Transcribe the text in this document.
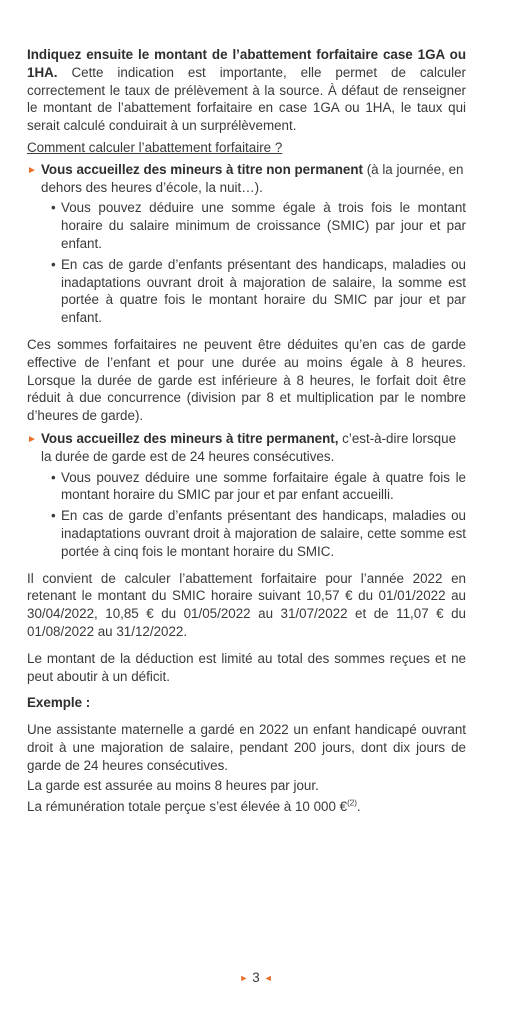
Indiquez ensuite le montant de l’abattement forfaitaire case 1GA ou 1HA. Cette indication est importante, elle permet de calculer correctement le taux de prélèvement à la source. À défaut de renseigner le montant de l’abattement forfaitaire en case 1GA ou 1HA, le taux qui serait calculé conduirait à un surprélèvement.

Comment calculer l’abattement forfaitaire ?

► Vous accueillez des mineurs à titre non permanent (à la journée, en dehors des heures d’école, la nuit…).

• Vous pouvez déduire une somme égale à trois fois le montant horaire du salaire minimum de croissance (SMIC) par jour et par enfant.
• En cas de garde d’enfants présentant des handicaps, maladies ou inadaptations ouvrant droit à majoration de salaire, la somme est portée à quatre fois le montant horaire du SMIC par jour et par enfant.

Ces sommes forfaitaires ne peuvent être déduites qu’en cas de garde effective de l’enfant et pour une durée au moins égale à 8 heures. Lorsque la durée de garde est inférieure à 8 heures, le forfait doit être réduit à due concurrence (division par 8 et multiplication par le nombre d’heures de garde).

► Vous accueillez des mineurs à titre permanent, c’est-à-dire lorsque la durée de garde est de 24 heures consécutives.

• Vous pouvez déduire une somme forfaitaire égale à quatre fois le montant horaire du SMIC par jour et par enfant accueilli.
• En cas de garde d’enfants présentant des handicaps, maladies ou inadaptations ouvrant droit à majoration de salaire, cette somme est portée à cinq fois le montant horaire du SMIC.

Il convient de calculer l’abattement forfaitaire pour l’année 2022 en retenant le montant du SMIC horaire suivant 10,57 € du 01/01/2022 au 30/04/2022, 10,85 € du 01/05/2022 au 31/07/2022 et de 11,07 € du 01/08/2022 au 31/12/2022.

Le montant de la déduction est limité au total des sommes reçues et ne peut aboutir à un déficit.

Exemple :

Une assistante maternelle a gardé en 2022 un enfant handicapé ouvrant droit à une majoration de salaire, pendant 200 jours, dont dix jours de garde de 24 heures consécutives.

La garde est assurée au moins 8 heures par jour.

La rémunération totale perçue s’est élevée à 10 000 €$^{(2)}$.

► 3 ◄
